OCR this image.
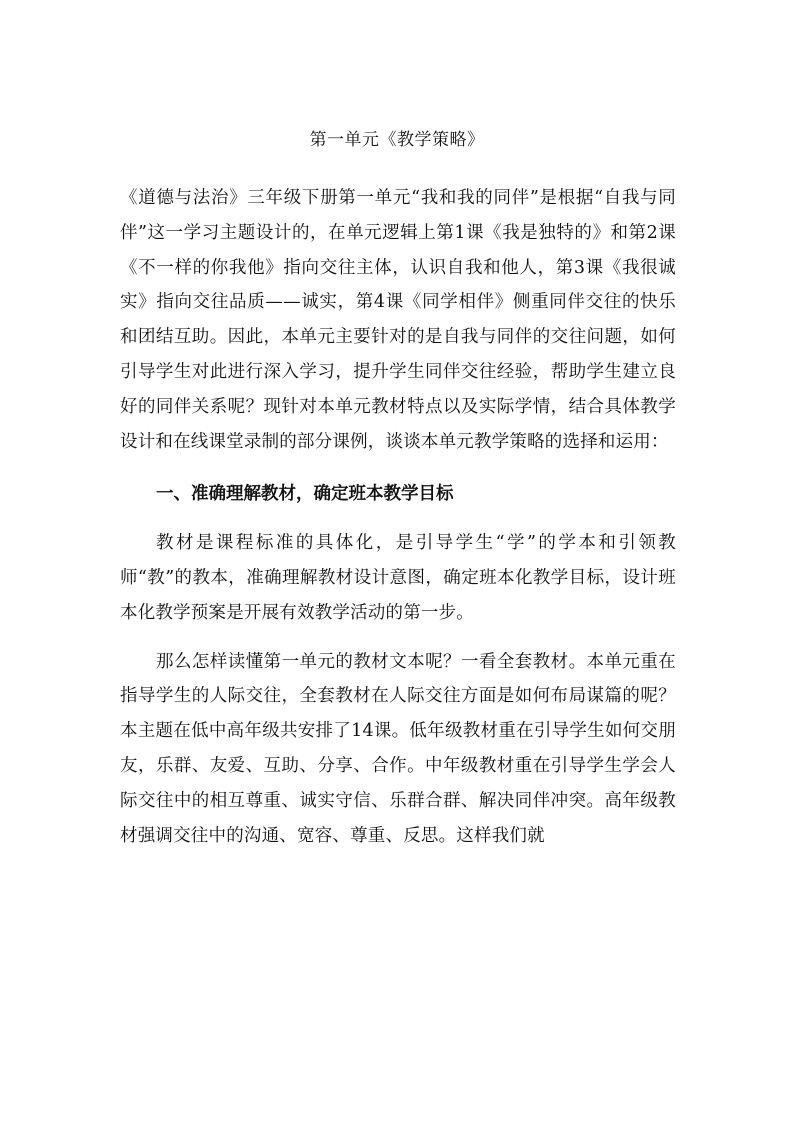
第一单元《教学策略》

《道德与法治》三年级下册第一单元“我和我的同伴”是根据“自我与同伴”这一学习主题设计的，在单元逻辑上第1课《我是独特的》和第2课《不一样的你我他》指向交往主体，认识自我和他人，第3课《我很诚实》指向交往品质——诚实，第4课《同学相伴》侧重同伴交往的快乐和团结互助。因此，本单元主要针对的是自我与同伴的交往问题，如何引导学生对此进行深入学习，提升学生同伴交往经验，帮助学生建立良好的同伴关系呢？现针对本单元教材特点以及实际学情，结合具体教学设计和在线课堂录制的部分课例，谈谈本单元教学策略的选择和运用：

一、准确理解教材，确定班本教学目标

教材是课程标准的具体化，是引导学生“学”的学本和引领教师“教”的教本，准确理解教材设计意图，确定班本化教学目标，设计班本化教学预案是开展有效教学活动的第一步。

那么怎样读懂第一单元的教材文本呢？一看全套教材。本单元重在指导学生的人际交往，全套教材在人际交往方面是如何布局谋篇的呢？本主题在低中高年级共安排了14课。低年级教材重在引导学生如何交朋友，乐群、友爱、互助、分享、合作。中年级教材重在引导学生学会人际交往中的相互尊重、诚实守信、乐群合群、解决同伴冲突。高年级教材强调交往中的沟通、宽容、尊重、反思。这样我们就
